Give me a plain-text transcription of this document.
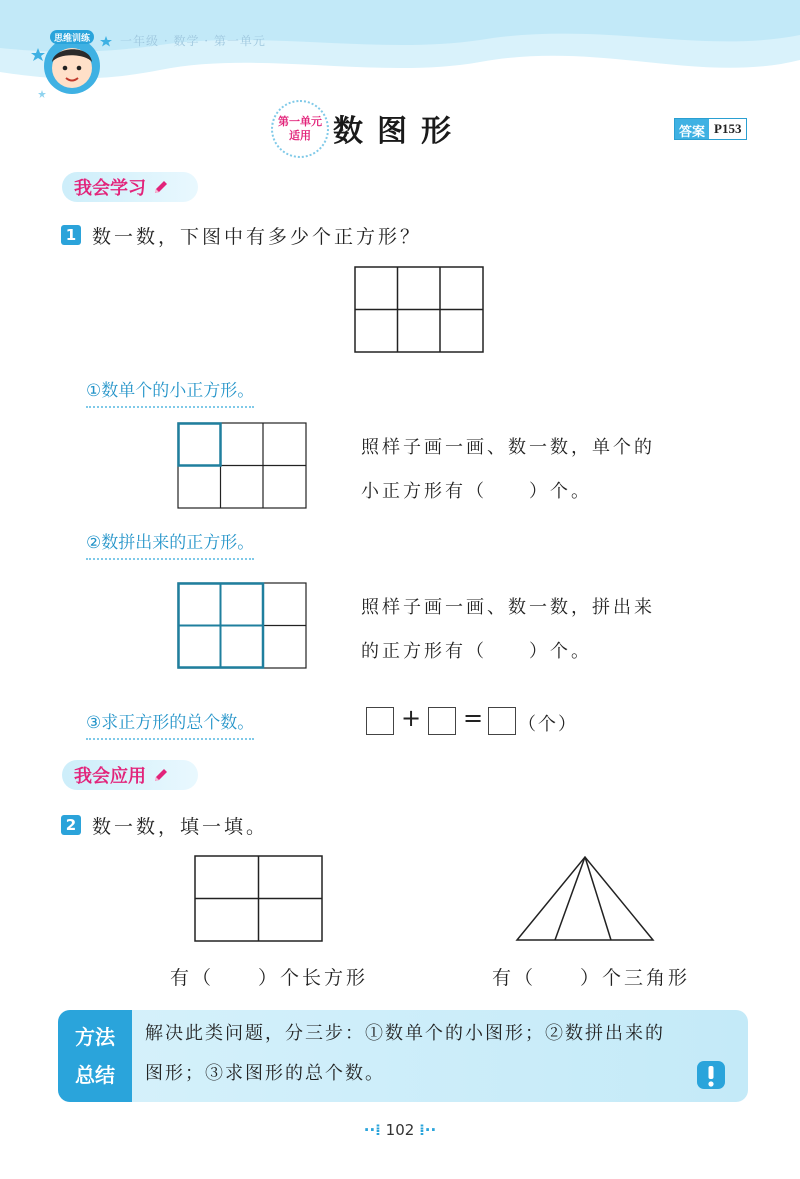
思维训练 一年级 · 数学 · 第一单元
第一单元
适用 数图形	答案 P153
我会学习
1 数一数，下图中有多少个正方形？
①数单个的小正方形。
照样子画一画、数一数，单个的
小正方形有（　　）个。
②数拼出来的正方形。
照样子画一画、数一数，拼出来
的正方形有（　　）个。
③求正方形的总个数。	+ = （个）
我会应用
2 数一数，填一填。
有（　　）个长方形	有（　　）个三角形
方法
总结
解决此类问题，分三步：①数单个的小图形；②数拼出来的
图形；③求图形的总个数。
··⁞ 102 ⁞··
